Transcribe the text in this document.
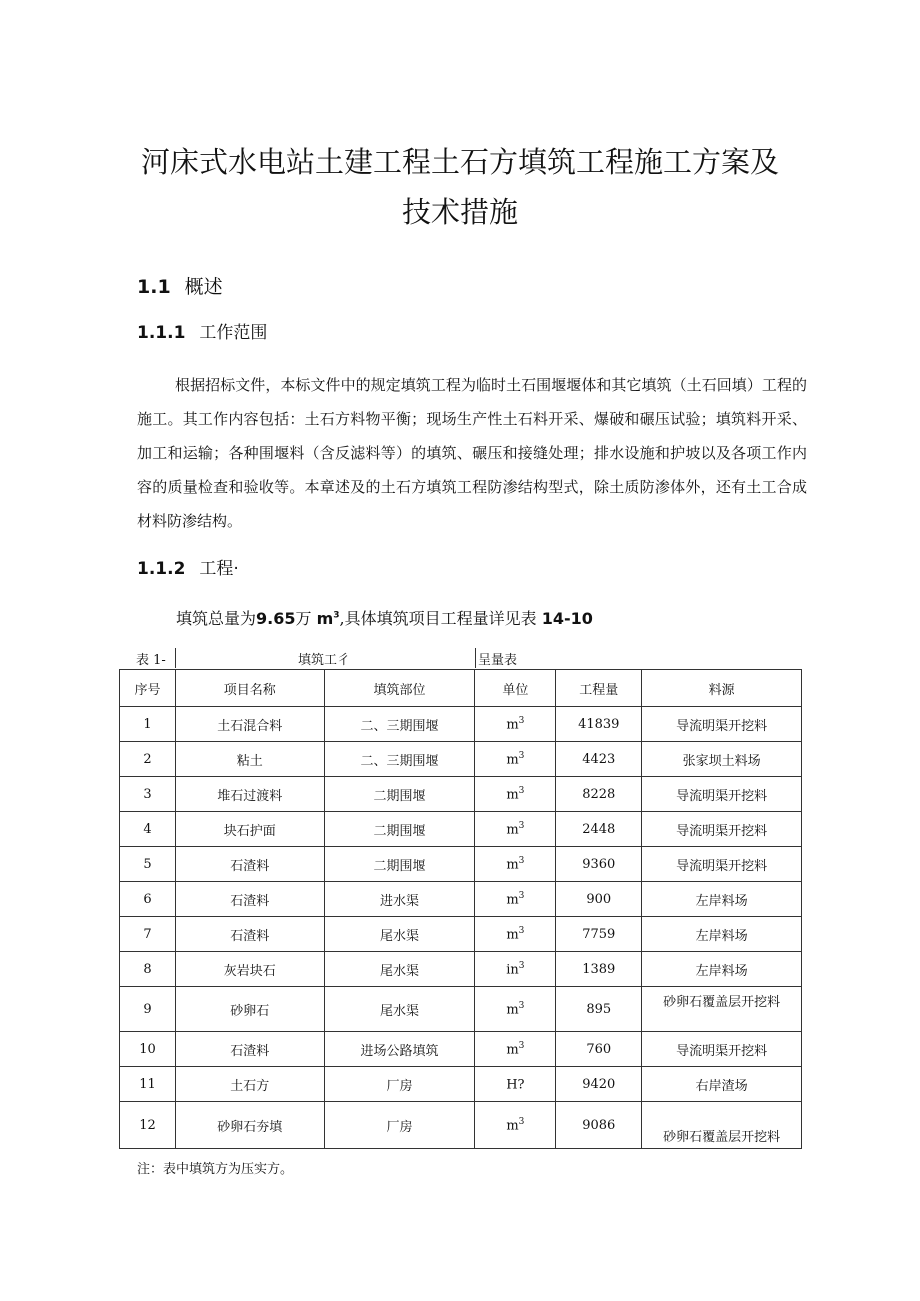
河床式水电站土建工程土石方填筑工程施工方案及
技术措施
1.1 概述
1.1.1 工作范围
根据招标文件，本标文件中的规定填筑工程为临时土石围堰堰体和其它填筑（土石回填）工程的施工。其工作内容包括：土石方料物平衡；现场生产性土石料开采、爆破和碾压试验；填筑料开采、加工和运输；各种围堰料（含反滤料等）的填筑、碾压和接缝处理；排水设施和护坡以及各项工作内容的质量检查和验收等。本章述及的土石方填筑工程防渗结构型式，除土质防渗体外，还有土工合成材料防渗结构。
1.1.2 工程·
填筑总量为9.65万 $m^3$,具体填筑项目工程量详见表 14-10
表 1-	填筑工彳	呈量表
序号	项目名称	填筑部位	单位	工程量	料源
1	土石混合料	二、三期围堰	$m^3$	41839	导流明渠开挖料
2	粘土	二、三期围堰	$m^3$	4423	张家坝土料场
3	堆石过渡料	二期围堰	$m^3$	8228	导流明渠开挖料
4	块石护面	二期围堰	$m^3$	2448	导流明渠开挖料
5	石渣料	二期围堰	$m^3$	9360	导流明渠开挖料
6	石渣料	进水渠	$m^3$	900	左岸料场
7	石渣料	尾水渠	$m^3$	7759	左岸料场
8	灰岩块石	尾水渠	$in^3$	1389	左岸料场
9	砂卵石	尾水渠	$m^3$	895	砂卵石覆盖层开挖料
10	石渣料	进场公路填筑	$m^3$	760	导流明渠开挖料
11	土石方	厂房	H?	9420	右岸渣场
12	砂卵石夯填	厂房	$m^3$	9086	砂卵石覆盖层开挖料
注：表中填筑方为压实方。
